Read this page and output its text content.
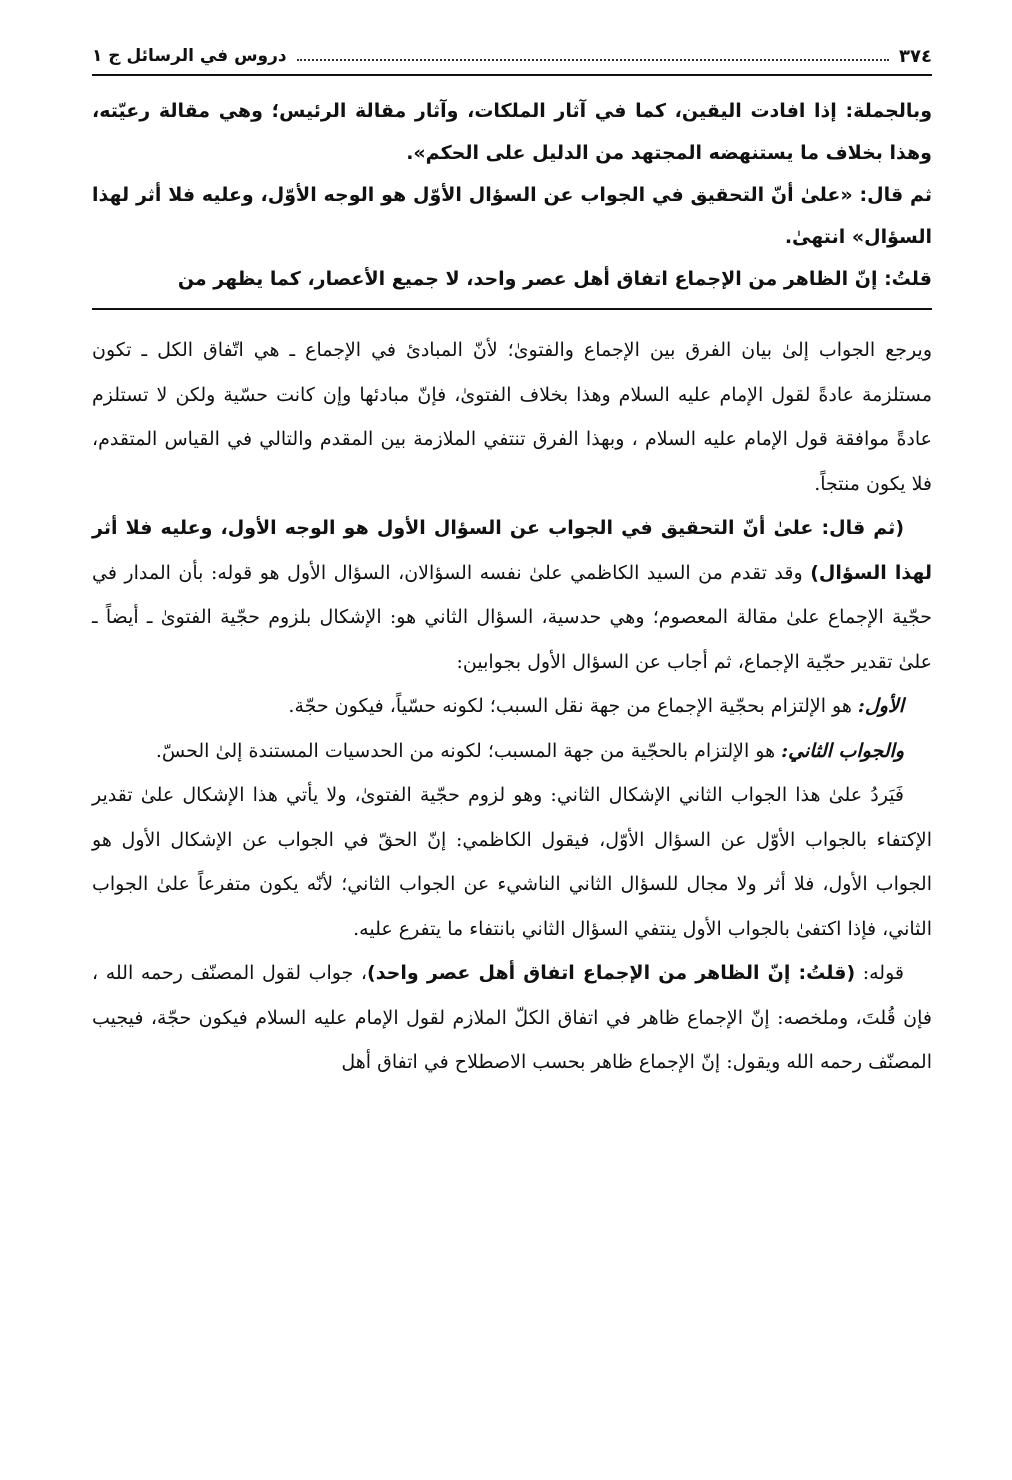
٣٧٤
دروس في الرسائل ج ١

وبالجملة: إذا افادت اليقين، كما في آثار الملكات، وآثار مقالة الرئيس؛ وهي مقالة رعيّته، وهذا بخلاف ما يستنهضه المجتهد من الدليل على الحكم».

ثم قال: «علىٰ أنّ التحقيق في الجواب عن السؤال الأوّل هو الوجه الأوّل، وعليه فلا أثر لهذا السؤال» انتهىٰ.

قلتُ: إنّ الظاهر من الإجماع اتفاق أهل عصر واحد، لا جميع الأعصار، كما يظهر من

ويرجع الجواب إلىٰ بيان الفرق بين الإجماع والفتوىٰ؛ لأنّ المبادئ في الإجماع ـ هي اتّفاق الكل ـ تكون مستلزمة عادةً لقول الإمام عليه السلام وهذا بخلاف الفتوىٰ، فإنّ مبادئها وإن كانت حسّية ولكن لا تستلزم عادةً موافقة قول الإمام عليه السلام ، وبهذا الفرق تنتفي الملازمة بين المقدم والتالي في القياس المتقدم، فلا يكون منتجاً.

(ثم قال: علىٰ أنّ التحقيق في الجواب عن السؤال الأول هو الوجه الأول، وعليه فلا أثر لهذا السؤال) وقد تقدم من السيد الكاظمي علىٰ نفسه السؤالان، السؤال الأول هو قوله: بأن المدار في حجّية الإجماع علىٰ مقالة المعصوم؛ وهي حدسية، السؤال الثاني هو: الإشكال بلزوم حجّية الفتوىٰ ـ أيضاً ـ علىٰ تقدير حجّية الإجماع، ثم أجاب عن السؤال الأول بجوابين:

الأول: هو الإلتزام بحجّية الإجماع من جهة نقل السبب؛ لكونه حسّياً، فيكون حجّة.

والجواب الثاني: هو الإلتزام بالحجّية من جهة المسبب؛ لكونه من الحدسيات المستندة إلىٰ الحسّ.

فَيَردُ علىٰ هذا الجواب الثاني الإشكال الثاني: وهو لزوم حجّية الفتوىٰ، ولا يأتي هذا الإشكال علىٰ تقدير الإكتفاء بالجواب الأوّل عن السؤال الأوّل، فيقول الكاظمي: إنّ الحقّ في الجواب عن الإشكال الأول هو الجواب الأول، فلا أثر ولا مجال للسؤال الثاني الناشيء عن الجواب الثاني؛ لأنّه يكون متفرعاً علىٰ الجواب الثاني، فإذا اكتفىٰ بالجواب الأول ينتفي السؤال الثاني بانتفاء ما يتفرع عليه.

قوله: (قلتُ: إنّ الظاهر من الإجماع اتفاق أهل عصر واحد)، جواب لقول المصنّف رحمه الله ، فإن قُلتَ، وملخصه: إنّ الإجماع ظاهر في اتفاق الكلّ الملازم لقول الإمام عليه السلام فيكون حجّة، فيجيب المصنّف رحمه الله ويقول: إنّ الإجماع ظاهر بحسب الاصطلاح في اتفاق أهل
